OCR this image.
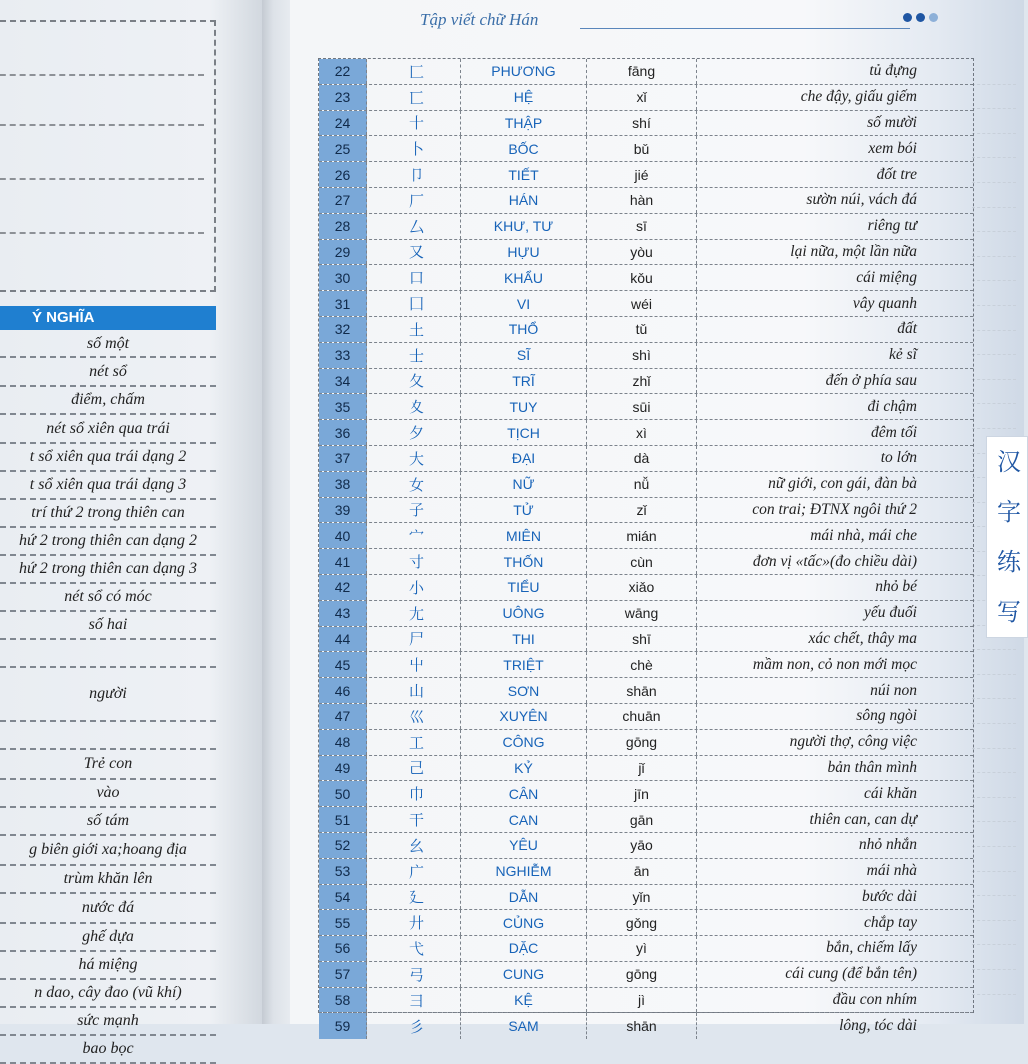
Ý NGHĨA
số một
nét sổ
điểm, chấm
nét sổ xiên qua trái
t sổ xiên qua trái dạng 2
t sổ xiên qua trái dạng 3
trí thứ 2 trong thiên can
hứ 2 trong thiên can dạng 2
hứ 2 trong thiên can dạng 3
nét sổ có móc
số hai
người
Trẻ con
vào
số tám
g biên giới xa;hoang địa
trùm khăn lên
nước đá
ghế dựa
há miệng
n dao, cây đao (vũ khí)
sức mạnh
bao bọc
Tập viết chữ Hán
汉
字
练
写
22	匚	PHƯƠNG	fāng	tủ đựng
23	匸	HỆ	xǐ	che đậy, giấu giếm
24	十	THẬP	shí	số mười
25	卜	BỐC	bǔ	xem bói
26	卩	TIẾT	jié	đốt tre
27	厂	HÁN	hàn	sườn núi, vách đá
28	厶	KHƯ, TƯ	sī	riêng tư
29	又	HỰU	yòu	lại nữa, một lần nữa
30	口	KHẨU	kǒu	cái miệng
31	囗	VI	wéi	vây quanh
32	土	THỔ	tǔ	đất
33	士	SĨ	shì	kẻ sĩ
34	夂	TRĨ	zhǐ	đến ở phía sau
35	夊	TUY	sūi	đi chậm
36	夕	TỊCH	xì	đêm tối
37	大	ĐẠI	dà	to lớn
38	女	NỮ	nǚ	nữ giới, con gái, đàn bà
39	子	TỬ	zǐ	con trai; ĐTNX ngôi thứ 2
40	宀	MIÊN	mián	mái nhà, mái che
41	寸	THỐN	cùn	đơn vị «tấc»(đo chiều dài)
42	小	TIỂU	xiǎo	nhỏ bé
43	尢	UÔNG	wāng	yếu đuối
44	尸	THI	shī	xác chết, thây ma
45	屮	TRIỆT	chè	mầm non, cỏ non mới mọc
46	山	SƠN	shān	núi non
47	巛	XUYÊN	chuān	sông ngòi
48	工	CÔNG	gōng	người thợ, công việc
49	己	KỶ	jǐ	bản thân mình
50	巾	CÂN	jīn	cái khăn
51	干	CAN	gān	thiên can, can dự
52	幺	YÊU	yāo	nhỏ nhắn
53	广	NGHIỄM	ān	mái nhà
54	廴	DẪN	yǐn	bước dài
55	廾	CỦNG	gǒng	chắp tay
56	弋	DẶC	yì	bắn, chiếm lấy
57	弓	CUNG	gōng	cái cung (để bắn tên)
58	彐	KỆ	jì	đầu con nhím
59	彡	SAM	shān	lông, tóc dài
